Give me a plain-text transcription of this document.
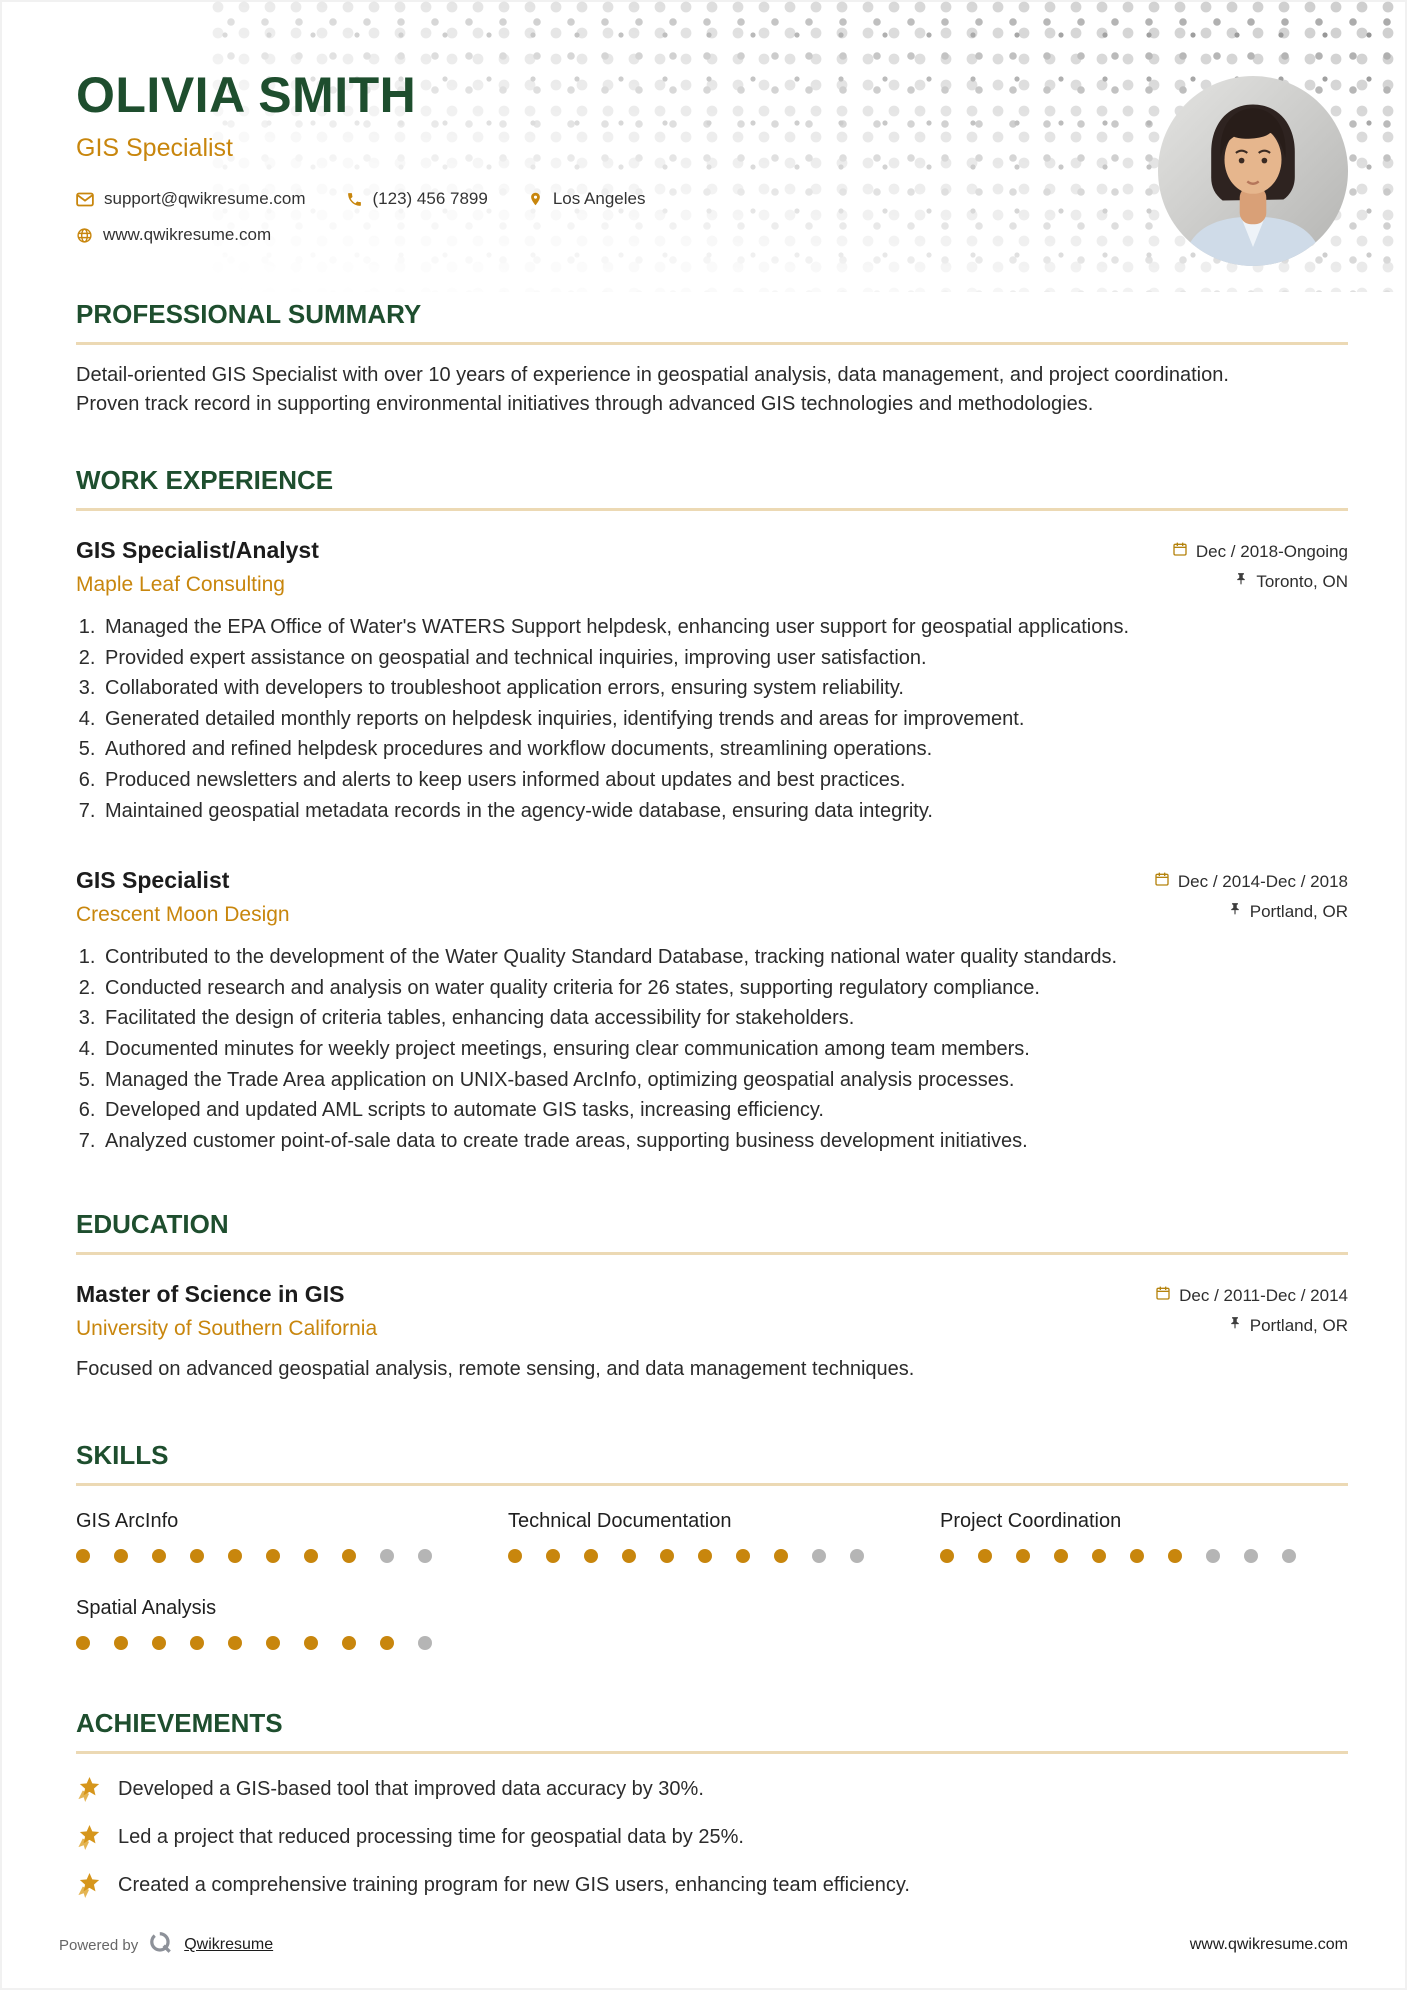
OLIVIA SMITH
GIS Specialist
support@qwikresume.com	(123) 456 7899	Los Angeles
www.qwikresume.com
PROFESSIONAL SUMMARY

Detail-oriented GIS Specialist with over 10 years of experience in geospatial analysis, data management, and project coordination. Proven track record in supporting environmental initiatives through advanced GIS technologies and methodologies.

WORK EXPERIENCE
GIS Specialist/Analyst
Maple Leaf Consulting
Dec / 2018-Ongoing
Toronto, ON
1. Managed the EPA Office of Water's WATERS Support helpdesk, enhancing user support for geospatial applications.
2. Provided expert assistance on geospatial and technical inquiries, improving user satisfaction.
3. Collaborated with developers to troubleshoot application errors, ensuring system reliability.
4. Generated detailed monthly reports on helpdesk inquiries, identifying trends and areas for improvement.
5. Authored and refined helpdesk procedures and workflow documents, streamlining operations.
6. Produced newsletters and alerts to keep users informed about updates and best practices.
7. Maintained geospatial metadata records in the agency-wide database, ensuring data integrity.
GIS Specialist
Crescent Moon Design
Dec / 2014-Dec / 2018
Portland, OR
1. Contributed to the development of the Water Quality Standard Database, tracking national water quality standards.
2. Conducted research and analysis on water quality criteria for 26 states, supporting regulatory compliance.
3. Facilitated the design of criteria tables, enhancing data accessibility for stakeholders.
4. Documented minutes for weekly project meetings, ensuring clear communication among team members.
5. Managed the Trade Area application on UNIX-based ArcInfo, optimizing geospatial analysis processes.
6. Developed and updated AML scripts to automate GIS tasks, increasing efficiency.
7. Analyzed customer point-of-sale data to create trade areas, supporting business development initiatives.
EDUCATION
Master of Science in GIS
University of Southern California
Dec / 2011-Dec / 2014
Portland, OR

Focused on advanced geospatial analysis, remote sensing, and data management techniques.

SKILLS
GIS ArcInfo	Technical Documentation	Project Coordination
Spatial Analysis
ACHIEVEMENTS
Developed a GIS-based tool that improved data accuracy by 30%.
Led a project that reduced processing time for geospatial data by 25%.
Created a comprehensive training program for new GIS users, enhancing team efficiency.
Powered by	Qwikresume	www.qwikresume.com
